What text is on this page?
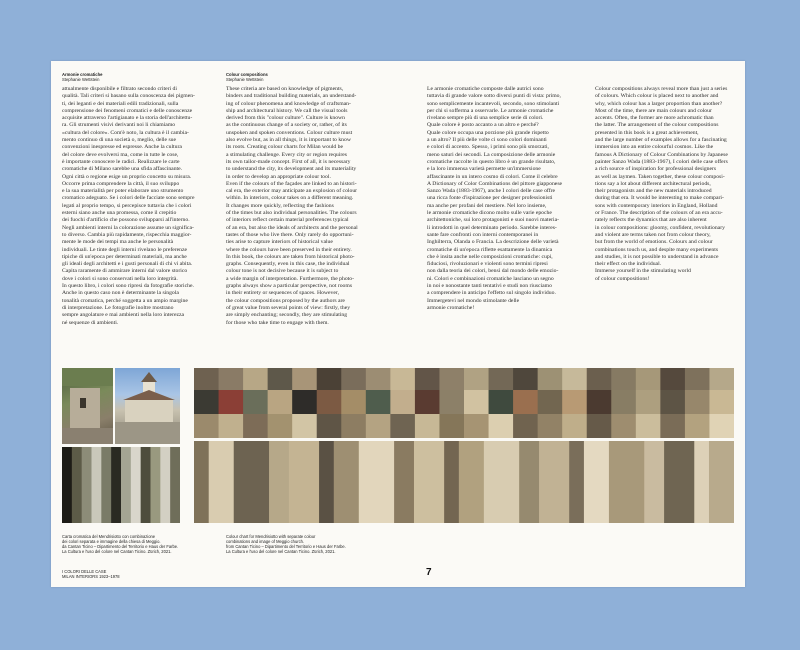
Armonie cromatiche
Stephanie Wettstein
Colour compositions
Stephanie Wettstein
attualmente disponibile e filtrato secondo criteri di
qualità. Tali criteri si basano sulla conoscenza dei pigmen-
ti, dei leganti e dei materiali edili tradizionali, sulla
comprensione dei fenomeni cromatici e delle conoscenze
acquisite attraverso l'artigianato e la storia dell'architettu-
ra. Gli strumenti visivi derivanti noi li chiamiamo
«cultura del colore». Com'è noto, la cultura è il cambia-
mento continuo di una società o, meglio, delle sue
convenzioni inespresse ed espresse. Anche la cultura
del colore deve evolversi ma, come in tutte le cose,
è importante conoscere le radici. Realizzare le carte
cromatiche di Milano sarebbe una sfida affascinante.
Ogni città o regione esige un proprio concetto su misura.
Occorre prima comprendere la città, il suo sviluppo
e la sua materialità per poter elaborare uno strumento
cromatico adeguato. Se i colori delle facciate sono sempre
legati al proprio tempo, si percepisce tuttavia che i colori
esterni siano anche una promessa, come il crepitio
dei fuochi d'artificio che possono svilupparsi all'interno.
Negli ambienti interni la colorazione assume un significa-
to diverso. Cambia più rapidamente, rispecchia maggior-
mente le mode dei tempi ma anche le personalità
individuali. Le tinte degli interni rivelano le preferenze
tipiche di un'epoca per determinati materiali, ma anche
gli ideali degli architetti e i gusti personali di chi vi abita.
Capita raramente di ammirare interni dal valore storico
dove i colori si sono conservati nella loro integrità.
In questo libro, i colori sono ripresi da fotografie storiche.
Anche in questo caso non è determinante la singola
tonalità cromatica, perché soggetta a un ampio margine
di interpretazione. Le fotografie inoltre mostrano
sempre angolature e mai ambienti nella loro interezza
né sequenze di ambienti.
These criteria are based on knowledge of pigments,
binders and traditional building materials, an understand-
ing of colour phenomena and knowledge of craftsman-
ship and architectural history. We call the visual tools
derived from this "colour culture". Culture is known
as the continuous change of a society or, rather, of its
unspoken and spoken conventions. Colour culture must
also evolve but, as in all things, it is important to know
its roots. Creating colour charts for Milan would be
a stimulating challenge. Every city or region requires
its own tailor-made concept. First of all, it is necessary
to understand the city, its development and its materiality
in order to develop an appropriate colour tool.
Even if the colours of the façades are linked to an histori-
cal era, the exterior may anticipate an explosion of colour
within. In interiors, colour takes on a different meaning.
It changes more quickly, reflecting the fashions
of the times but also individual personalities. The colours
of interiors reflect certain material preferences typical
of an era, but also the ideals of architects and the personal
tastes of those who live there. Only rarely do opportuni-
ties arise to capture interiors of historical value
where the colours have been preserved in their entirety.
In this book, the colours are taken from historical photo-
graphs. Consequently, even in this case, the individual
colour tone is not decisive because it is subject to
a wide margin of interpretation. Furthermore, the photo-
graphs always show a particular perspective, not rooms
in their entirety or sequences of spaces. However,
the colour compositions proposed by the authors are
of great value from several points of view: firstly, they
are simply enchanting; secondly, they are stimulating
for those who take time to engage with them.
Le armonie cromatiche composte dalle autrici sono
tuttavia di grande valore sotto diversi punti di vista: primo,
sono semplicemente incantevoli, secondo, sono stimolanti
per chi si sofferma a osservarle. Le armonie cromatiche
rivelano sempre più di una semplice serie di colori.
Quale colore è posto accanto a un altro e perché?
Quale colore occupa una porzione più grande rispetto
a un altro? Il più delle volte ci sono colori dominanti
e colori di accento. Spesso, i primi sono più smorzati,
meno saturi dei secondi. La composizione delle armonie
cromatiche raccolte in questo libro è un grande risultato,
e la loro immensa varietà permette un'immersione
affascinante in un intero cosmo di colori. Come il celebre
A Dictionary of Color Combinations del pittore giapponese
Sanzo Wada (1883-1967), anche I colori delle case offre
una ricca fonte d'ispirazione per designer professionisti
ma anche per profani del mestiere. Nel loro insieme,
le armonie cromatiche dicono molto sulle varie epoche
architettoniche, sui loro protagonisti e suoi nuovi materia-
li introdotti in quel determinato periodo. Sarebbe interes-
sante fare confronti con interni contemporanei in
Inghilterra, Olanda o Francia. La descrizione delle varietà
cromatiche di un'epoca riflette esattamente la dinamica
che è insita anche nelle composizioni cromatiche: cupi,
fiduciosi, rivoluzionari e violenti sono termini ripresi
non dalla teoria dei colori, bensì dal mondo delle emozio-
ni. Colori e combinazioni cromatiche lasciano un segno
in noi e nonostante tanti tentativi e studi non riusciamo
a comprendere in anticipo l'effetto sul singolo individuo.
Immergetevi nel mondo stimolante delle
armonie cromatiche!
Colour compositions always reveal more than just a series
of colours. Which colour is placed next to another and
why, which colour has a larger proportion than another?
Most of the time, there are main colours and colour
accents. Often, the former are more achromatic than
the latter. The arrangement of the colour compositions
presented in this book is a great achievement,
and the large number of examples allows for a fascinating
immersion into an entire colourful cosmos. Like the
famous A Dictionary of Colour Combinations by Japanese
painter Sanzo Wada (1883-1967), I colori delle case offers
a rich source of inspiration for professional designers
as well as laymen. Taken together, these colour composi-
tions say a lot about different architectural periods,
their protagonists and the new materials introduced
during that era. It would be interesting to make compari-
sons with contemporary interiors in England, Holland
or France. The description of the colours of an era accu-
rately reflects the dynamics that are also inherent
in colour compositions: gloomy, confident, revolutionary
and violent are terms taken not from colour theory,
but from the world of emotions. Colours and colour
combinations touch us, and despite many experiments
and studies, it is not possible to understand in advance
their effect on the individual.
Immerse yourself in the stimulating world
of colour compositions!
Carta cromatica del Mendrisiotto con combinazione
dei colori separata e immagine della chiesa di Meggio.
da Cantan Ticino – Dipartimento del Territorio e Haus der Farbe.
La Cultura e l'uso del colore nel Cantan Ticino. Zürich, 2021.
Colour chart for Mendrisiotto with separate colour
combinations and image of Meggio church.
from Cantan Ticino – Dipartimento del Territorio e Haus der Farbe.
La Cultura e l'uso del colore nel Cantan Ticino. Zürich, 2021.
I COLORI DELLE CASE
MILAN INTERIORS 1923–1978	7
